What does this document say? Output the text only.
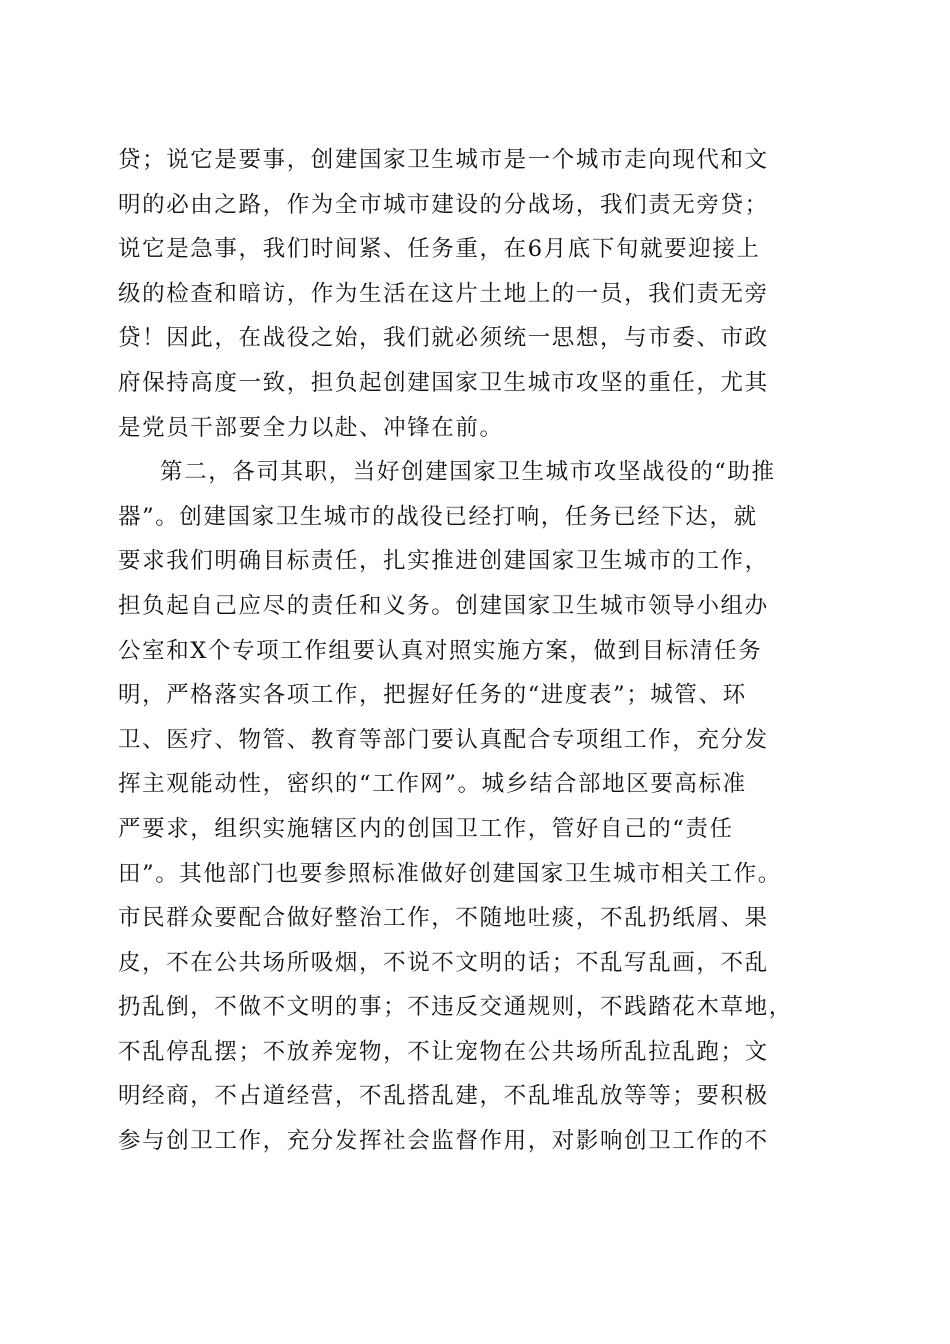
贷；说它是要事，创建国家卫生城市是一个城市走向现代和文
明的必由之路，作为全市城市建设的分战场，我们责无旁贷；
说它是急事，我们时间紧、任务重，在6月底下旬就要迎接上
级的检查和暗访，作为生活在这片土地上的一员，我们责无旁
贷！因此，在战役之始，我们就必须统一思想，与市委、市政
府保持高度一致，担负起创建国家卫生城市攻坚的重任，尤其
是党员干部要全力以赴、冲锋在前。
第二，各司其职，当好创建国家卫生城市攻坚战役的“助推
器”。创建国家卫生城市的战役已经打响，任务已经下达，就
要求我们明确目标责任，扎实推进创建国家卫生城市的工作，
担负起自己应尽的责任和义务。创建国家卫生城市领导小组办
公室和X个专项工作组要认真对照实施方案，做到目标清任务
明，严格落实各项工作，把握好任务的“进度表”；城管、环
卫、医疗、物管、教育等部门要认真配合专项组工作，充分发
挥主观能动性，密织的“工作网”。城乡结合部地区要高标准
严要求，组织实施辖区内的创国卫工作，管好自己的“责任
田”。其他部门也要参照标准做好创建国家卫生城市相关工作。
市民群众要配合做好整治工作，不随地吐痰，不乱扔纸屑、果
皮，不在公共场所吸烟，不说不文明的话；不乱写乱画，不乱
扔乱倒，不做不文明的事；不违反交通规则，不践踏花木草地，
不乱停乱摆；不放养宠物，不让宠物在公共场所乱拉乱跑；文
明经商，不占道经营，不乱搭乱建，不乱堆乱放等等；要积极
参与创卫工作，充分发挥社会监督作用，对影响创卫工作的不
